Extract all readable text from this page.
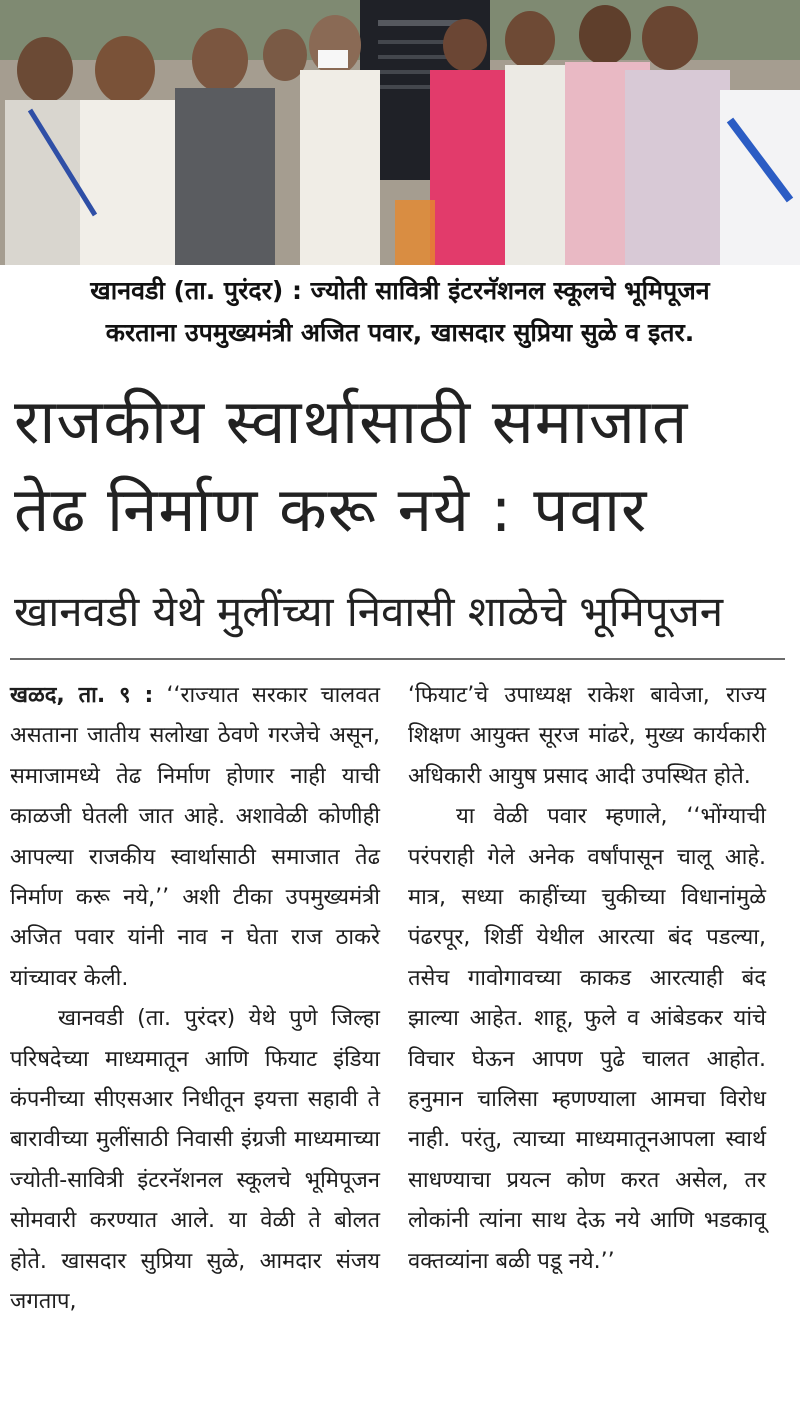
खानवडी (ता. पुरंदर) : ज्योती सावित्री इंटरनॅशनल स्कूलचे भूमिपूजन
करताना उपमुख्यमंत्री अजित पवार, खासदार सुप्रिया सुळे व इतर.
राजकीय स्वार्थासाठी समाजात
तेढ निर्माण करू नये : पवार
खानवडी येथे मुलींच्या निवासी शाळेचे भूमिपूजन

खळद, ता. ९ : ‘‘राज्यात सरकार चालवत असताना जातीय सलोखा ठेवणे गरजेचे असून, समाजामध्ये तेढ निर्माण होणार नाही याची काळजी घेतली जात आहे. अशावेळी कोणीही आपल्या राजकीय स्वार्थासाठी समाजात तेढ निर्माण करू नये,’’ अशी टीका उपमुख्यमंत्री अजित पवार यांनी नाव न घेता राज ठाकरे यांच्यावर केली.

खानवडी (ता. पुरंदर) येथे पुणे जिल्हा परिषदेच्या माध्यमातून आणि फियाट इंडिया कंपनीच्या सीएसआर निधीतून इयत्ता सहावी ते बारावीच्या मुलींसाठी निवासी इंग्रजी माध्यमाच्या ज्योती-सावित्री इंटरनॅशनल स्कूलचे भूमिपूजन सोमवारी करण्यात आले. या वेळी ते बोलत होते. खासदार सुप्रिया सुळे, आमदार संजय जगताप,

‘फियाट’चे उपाध्यक्ष राकेश बावेजा, राज्य शिक्षण आयुक्त सूरज मांढरे, मुख्य कार्यकारी अधिकारी आयुष प्रसाद आदी उपस्थित होते.

या वेळी पवार म्हणाले, ‘‘भोंग्याची परंपराही गेले अनेक वर्षांपासून चालू आहे. मात्र, सध्या काहींच्या चुकीच्या विधानांमुळे पंढरपूर, शिर्डी येथील आरत्या बंद पडल्या, तसेच गावोगावच्या काकड आरत्याही बंद झाल्या आहेत. शाहू, फुले व आंबेडकर यांचे विचार घेऊन आपण पुढे चालत आहोत. हनुमान चालिसा म्हणण्याला आमचा विरोध नाही. परंतु, त्याच्या माध्यमातूनआपला स्वार्थ साधण्याचा प्रयत्न कोण करत असेल, तर लोकांनी त्यांना साथ देऊ नये आणि भडकावू वक्तव्यांना बळी पडू नये.’’
